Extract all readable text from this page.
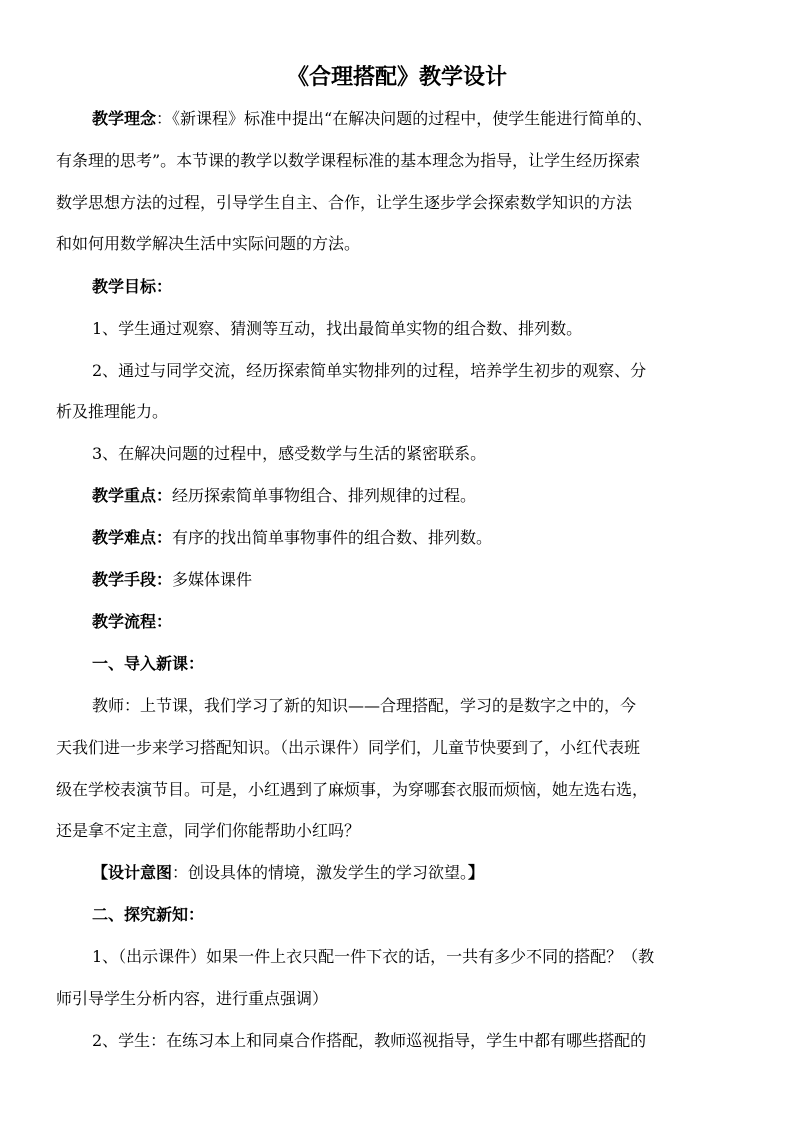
《合理搭配》教学设计
教学理念：《新课程》标准中提出“在解决问题的过程中，使学生能进行简单的、
有条理的思考”。本节课的教学以数学课程标准的基本理念为指导，让学生经历探索
数学思想方法的过程，引导学生自主、合作，让学生逐步学会探索数学知识的方法
和如何用数学解决生活中实际问题的方法。
教学目标：
1、学生通过观察、猜测等互动，找出最简单实物的组合数、排列数。
2、通过与同学交流，经历探索简单实物排列的过程，培养学生初步的观察、分
析及推理能力。
3、在解决问题的过程中，感受数学与生活的紧密联系。
教学重点：经历探索简单事物组合、排列规律的过程。
教学难点：有序的找出简单事物事件的组合数、排列数。
教学手段：多媒体课件
教学流程：
一、导入新课：
教师：上节课，我们学习了新的知识——合理搭配，学习的是数字之中的，今
天我们进一步来学习搭配知识。（出示课件）同学们，儿童节快要到了，小红代表班
级在学校表演节目。可是，小红遇到了麻烦事，为穿哪套衣服而烦恼，她左选右选，
还是拿不定主意，同学们你能帮助小红吗？
【设计意图：创设具体的情境，激发学生的学习欲望。】
二、探究新知：
1、（出示课件）如果一件上衣只配一件下衣的话，一共有多少不同的搭配？（教
师引导学生分析内容，进行重点强调）
2、学生：在练习本上和同桌合作搭配，教师巡视指导，学生中都有哪些搭配的
